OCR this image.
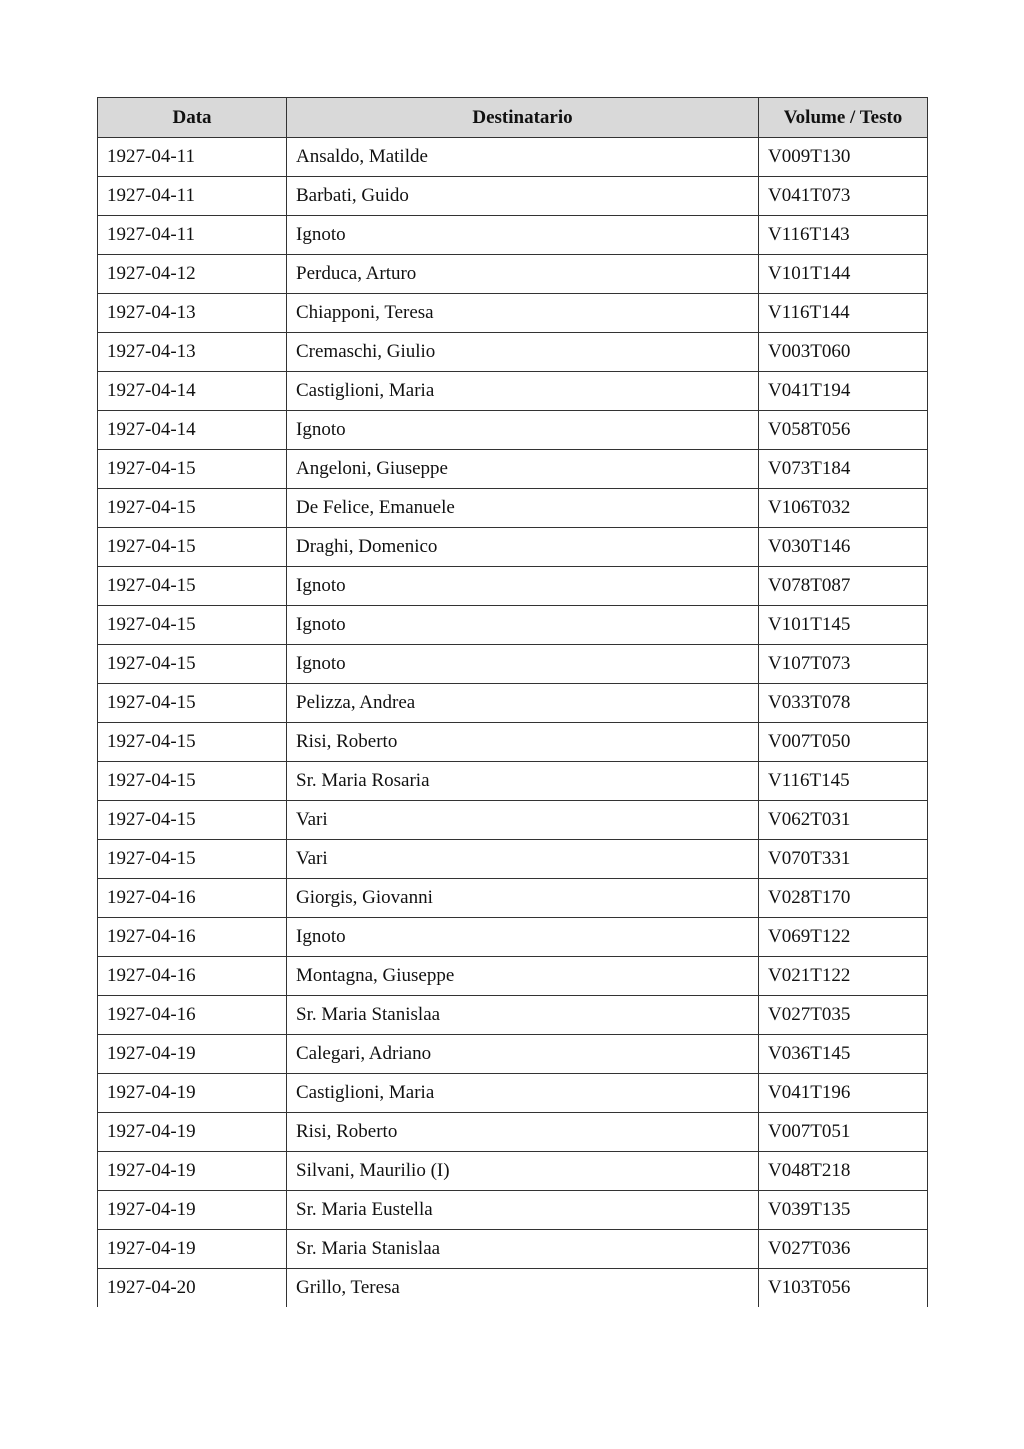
Data	Destinatario	Volume / Testo
1927-04-11	Ansaldo, Matilde	V009T130
1927-04-11	Barbati, Guido	V041T073
1927-04-11	Ignoto	V116T143
1927-04-12	Perduca, Arturo	V101T144
1927-04-13	Chiapponi, Teresa	V116T144
1927-04-13	Cremaschi, Giulio	V003T060
1927-04-14	Castiglioni, Maria	V041T194
1927-04-14	Ignoto	V058T056
1927-04-15	Angeloni, Giuseppe	V073T184
1927-04-15	De Felice, Emanuele	V106T032
1927-04-15	Draghi, Domenico	V030T146
1927-04-15	Ignoto	V078T087
1927-04-15	Ignoto	V101T145
1927-04-15	Ignoto	V107T073
1927-04-15	Pelizza, Andrea	V033T078
1927-04-15	Risi, Roberto	V007T050
1927-04-15	Sr. Maria Rosaria	V116T145
1927-04-15	Vari	V062T031
1927-04-15	Vari	V070T331
1927-04-16	Giorgis, Giovanni	V028T170
1927-04-16	Ignoto	V069T122
1927-04-16	Montagna, Giuseppe	V021T122
1927-04-16	Sr. Maria Stanislaa	V027T035
1927-04-19	Calegari, Adriano	V036T145
1927-04-19	Castiglioni, Maria	V041T196
1927-04-19	Risi, Roberto	V007T051
1927-04-19	Silvani, Maurilio (I)	V048T218
1927-04-19	Sr. Maria Eustella	V039T135
1927-04-19	Sr. Maria Stanislaa	V027T036
1927-04-20	Grillo, Teresa	V103T056
